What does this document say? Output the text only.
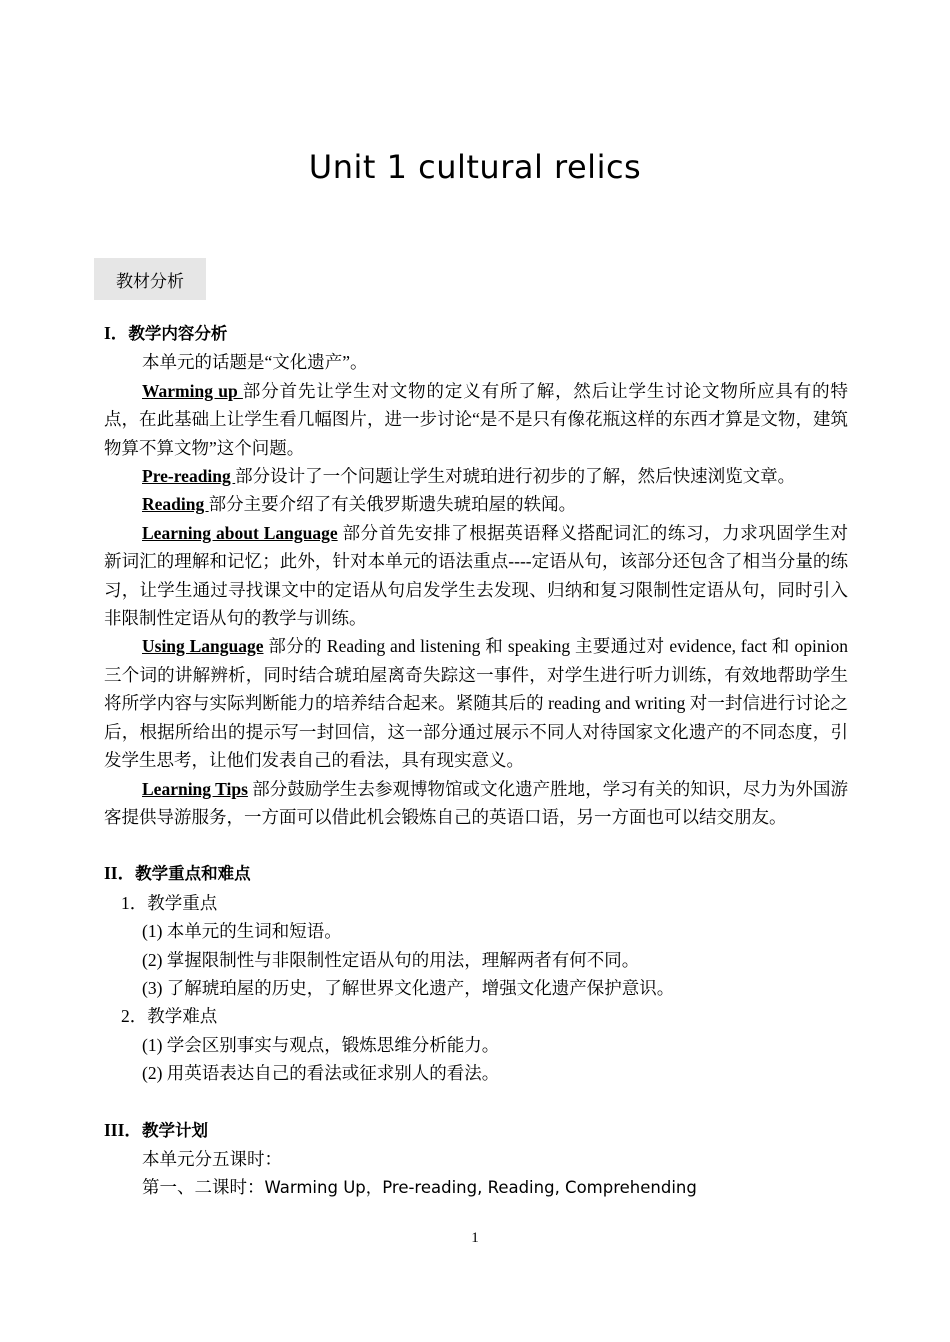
Unit 1 cultural relics
教材分析
I．教学内容分析

本单元的话题是“文化遗产”。

Warming up 部分首先让学生对文物的定义有所了解，然后让学生讨论文物所应具有的特点，在此基础上让学生看几幅图片，进一步讨论“是不是只有像花瓶这样的东西才算是文物，建筑物算不算文物”这个问题。

Pre-reading 部分设计了一个问题让学生对琥珀进行初步的了解，然后快速浏览文章。

Reading 部分主要介绍了有关俄罗斯遗失琥珀屋的轶闻。

Learning about Language 部分首先安排了根据英语释义搭配词汇的练习，力求巩固学生对新词汇的理解和记忆；此外，针对本单元的语法重点----定语从句，该部分还包含了相当分量的练习，让学生通过寻找课文中的定语从句启发学生去发现、归纳和复习限制性定语从句，同时引入非限制性定语从句的教学与训练。

Using Language 部分的 Reading and listening 和 speaking 主要通过对 evidence, fact 和 opinion 三个词的讲解辨析，同时结合琥珀屋离奇失踪这一事件，对学生进行听力训练，有效地帮助学生将所学内容与实际判断能力的培养结合起来。紧随其后的 reading and writing 对一封信进行讨论之后，根据所给出的提示写一封回信，这一部分通过展示不同人对待国家文化遗产的不同态度，引发学生思考，让他们发表自己的看法，具有现实意义。

Learning Tips 部分鼓励学生去参观博物馆或文化遗产胜地，学习有关的知识，尽力为外国游客提供导游服务，一方面可以借此机会锻炼自己的英语口语，另一方面也可以结交朋友。

II．教学重点和难点

1．教学重点

(1) 本单元的生词和短语。

(2) 掌握限制性与非限制性定语从句的用法，理解两者有何不同。

(3) 了解琥珀屋的历史，了解世界文化遗产，增强文化遗产保护意识。

2．教学难点

(1) 学会区别事实与观点，锻炼思维分析能力。

(2) 用英语表达自己的看法或征求别人的看法。

III．教学计划

本单元分五课时：

第一、二课时：Warming Up，Pre-reading, Reading, Comprehending

1
